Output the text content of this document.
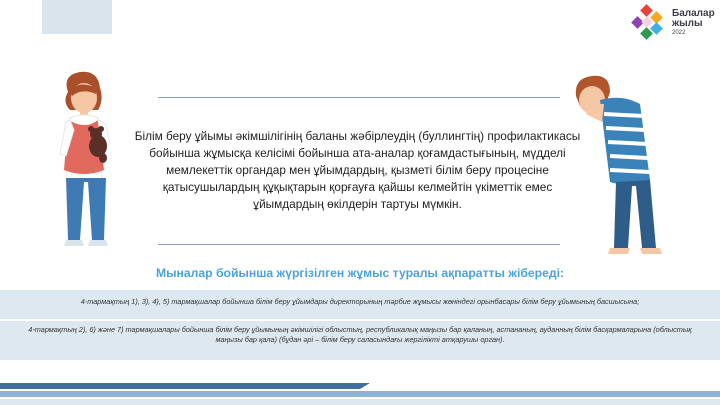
Балалар
жылы
2022
Білім беру ұйымы әкімшілігінің баланы жәбірлеудің (буллингтің) профилактикасы бойынша жұмысқа келісімі бойынша ата-аналар қоғамдастығының, мүдделі мемлекеттік органдар мен ұйымдардың, қызметі білім беру процесіне қатысушылардың құқықтарын қорғауға қайшы келмейтін үкіметтік емес ұйымдардың өкілдерін тартуы мүмкін.
Мыналар бойынша жүргізілген жұмыс туралы ақпаратты жібереді:
4-тармақтың 1), 3), 4), 5) тармақшалар бойынша білім беру ұйымдары директорының тәрбие жұмысы жөніндегі орынбасары білім беру ұйымының басшысына;
4-тармақтың 2), 6) және 7) тармақшалары бойынша білім беру ұйымының әкімшілігі облыстың, республикалық маңызы бар қаланың, астананың, ауданның білім басқармаларына (облыстық маңызы бар қала) (бұдан әрі – білім беру саласындағы жергілікті атқарушы орган).
